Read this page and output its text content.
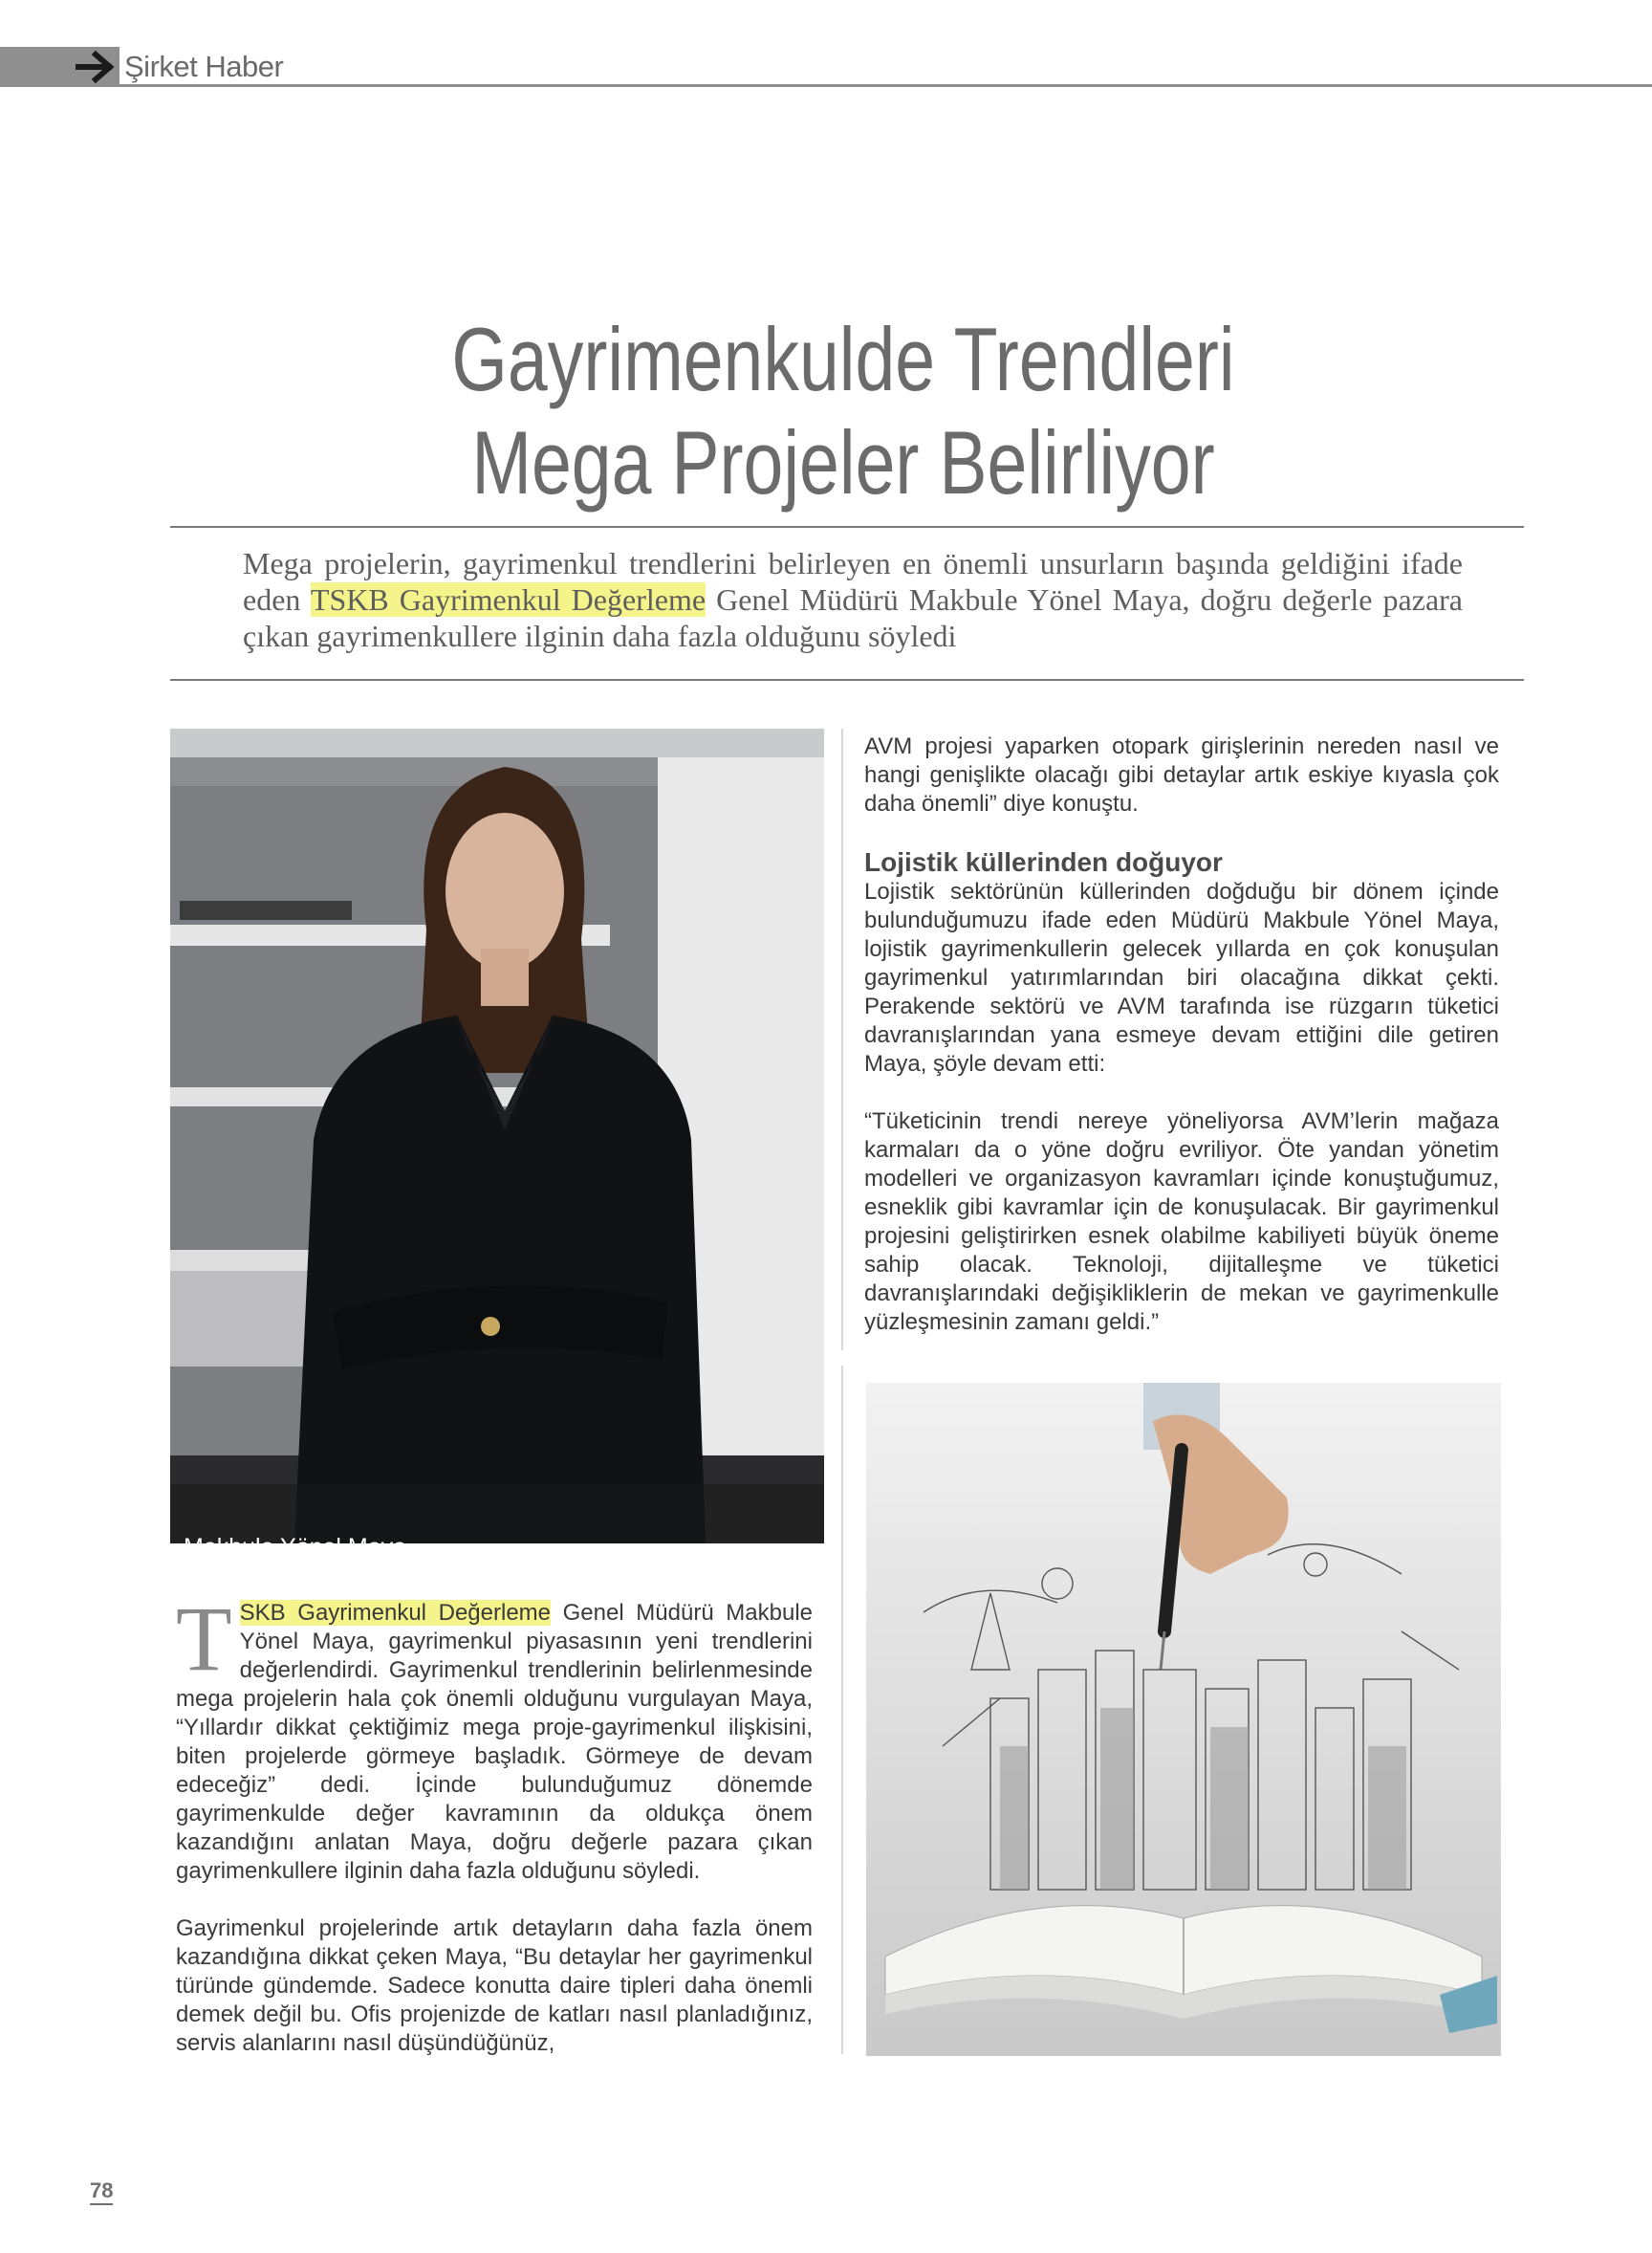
Şirket Haber
Gayrimenkulde Trendleri
Mega Projeler Belirliyor

Mega projelerin, gayrimenkul trendlerini belirleyen en önemli unsurların başında geldiğini ifade eden TSKB Gayrimenkul Değerleme Genel Müdürü Makbule Yönel Maya, doğru değerle pazara çıkan gayrimenkullere ilginin daha fazla olduğunu söyledi

Makbule Yönel Maya

TSKB Gayrimenkul Değerleme Genel Müdürü Makbule Yönel Maya, gayrimenkul piyasasının yeni trendlerini değerlendirdi. Gayrimenkul trendlerinin belirlenmesinde mega projelerin hala çok önemli olduğunu vurgulayan Maya, “Yıllardır dikkat çektiğimiz mega proje-gayrimenkul ilişkisini, biten projelerde görmeye başladık. Görmeye de devam edeceğiz” dedi. İçinde bulunduğumuz dönemde gayrimenkulde değer kavramının da oldukça önem kazandığını anlatan Maya, doğru değerle pazara çıkan gayrimenkullere ilginin daha fazla olduğunu söyledi.

Gayrimenkul projelerinde artık detayların daha fazla önem kazandığına dikkat çeken Maya, “Bu detaylar her gayrimenkul türünde gündemde. Sadece konutta daire tipleri daha önemli demek değil bu. Ofis projenizde de katları nasıl planladığınız, servis alanlarını nasıl düşündüğünüz,

AVM projesi yaparken otopark girişlerinin nereden nasıl ve hangi genişlikte olacağı gibi detaylar artık eskiye kıyasla çok daha önemli” diye konuştu.

Lojistik küllerinden doğuyor

Lojistik sektörünün küllerinden doğduğu bir dönem içinde bulunduğumuzu ifade eden Müdürü Makbule Yönel Maya, lojistik gayrimenkullerin gelecek yıllarda en çok konuşulan gayrimenkul yatırımlarından biri olacağına dikkat çekti. Perakende sektörü ve AVM tarafında ise rüzgarın tüketici davranışlarından yana esmeye devam ettiğini dile getiren Maya, şöyle devam etti:

“Tüketicinin trendi nereye yöneliyorsa AVM’lerin mağaza karmaları da o yöne doğru evriliyor. Öte yandan yönetim modelleri ve organizasyon kavramları içinde konuştuğumuz, esneklik gibi kavramlar için de konuşulacak. Bir gayrimenkul projesini geliştirirken esnek olabilme kabiliyeti büyük öneme sahip olacak. Teknoloji, dijitalleşme ve tüketici davranışlarındaki değişikliklerin de mekan ve gayrimenkulle yüzleşmesinin zamanı geldi.”

78
